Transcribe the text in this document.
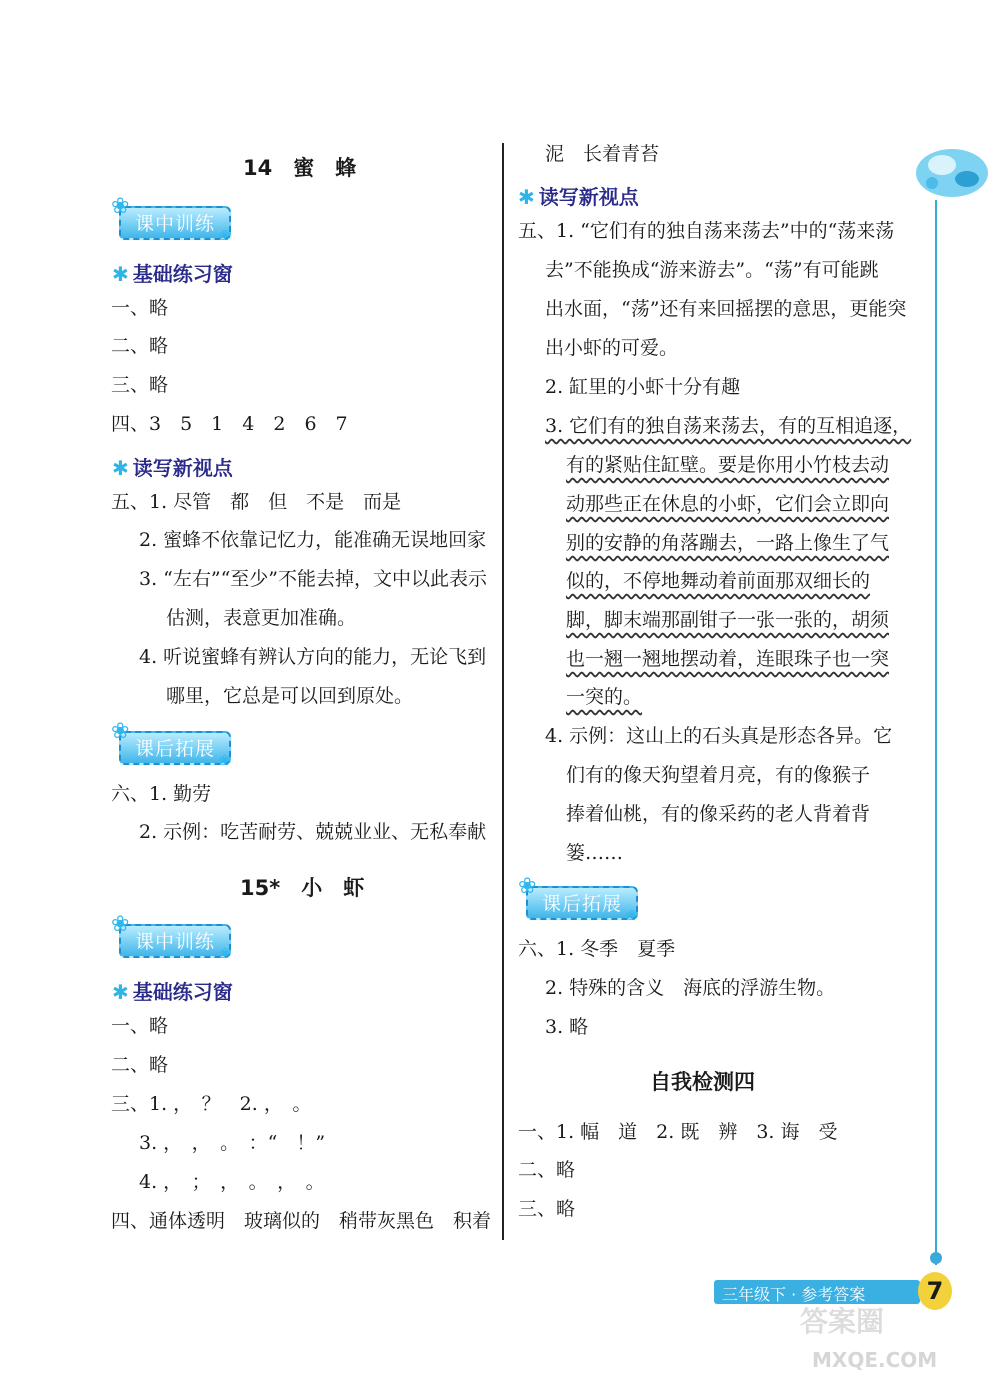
14　蜜　蜂
❀
❀
课中训练
✱ 基础练习窗
一、略
二、略
三、略
四、3　5　1　4　2　6　7
✱ 读写新视点
五、1. 尽管　都　但　不是　而是
2. 蜜蜂不依靠记忆力，能准确无误地回家
3. “左右”“至少”不能去掉，文中以此表示
估测，表意更加准确。
4. 听说蜜蜂有辨认方向的能力，无论飞到
哪里，它总是可以回到原处。
❀
❀
课后拓展
六、1. 勤劳
2. 示例：吃苦耐劳、兢兢业业、无私奉献
15*　小　虾
❀
❀
课中训练
✱ 基础练习窗
一、略
二、略
三、1. ，　？　2. ，　。
3. ，　，　。　：“　！”
4. ，　；　，　。　，　。
四、通体透明　玻璃似的　稍带灰黑色　积着
泥　长着青苔
✱ 读写新视点
五、1. “它们有的独自荡来荡去”中的“荡来荡
去”不能换成“游来游去”。“荡”有可能跳
出水面，“荡”还有来回摇摆的意思，更能突
出小虾的可爱。
2. 缸里的小虾十分有趣
3. 它们有的独自荡来荡去，有的互相追逐，
有的紧贴住缸壁。要是你用小竹枝去动
动那些正在休息的小虾，它们会立即向
别的安静的角落蹦去，一路上像生了气
似的，不停地舞动着前面那双细长的
脚，脚末端那副钳子一张一张的，胡须
也一翘一翘地摆动着，连眼珠子也一突
一突的。
4. 示例：这山上的石头真是形态各异。它
们有的像天狗望着月亮，有的像猴子
捧着仙桃，有的像采药的老人背着背
篓……
❀
❀
课后拓展
六、1. 冬季　夏季
2. 特殊的含义　海底的浮游生物。
3. 略
自我检测四
一、1. 幅　道　2. 既　辨　3. 诲　受
二、略
三、略
三年级下 · 参考答案	7
答案圈
MXQE.COM
